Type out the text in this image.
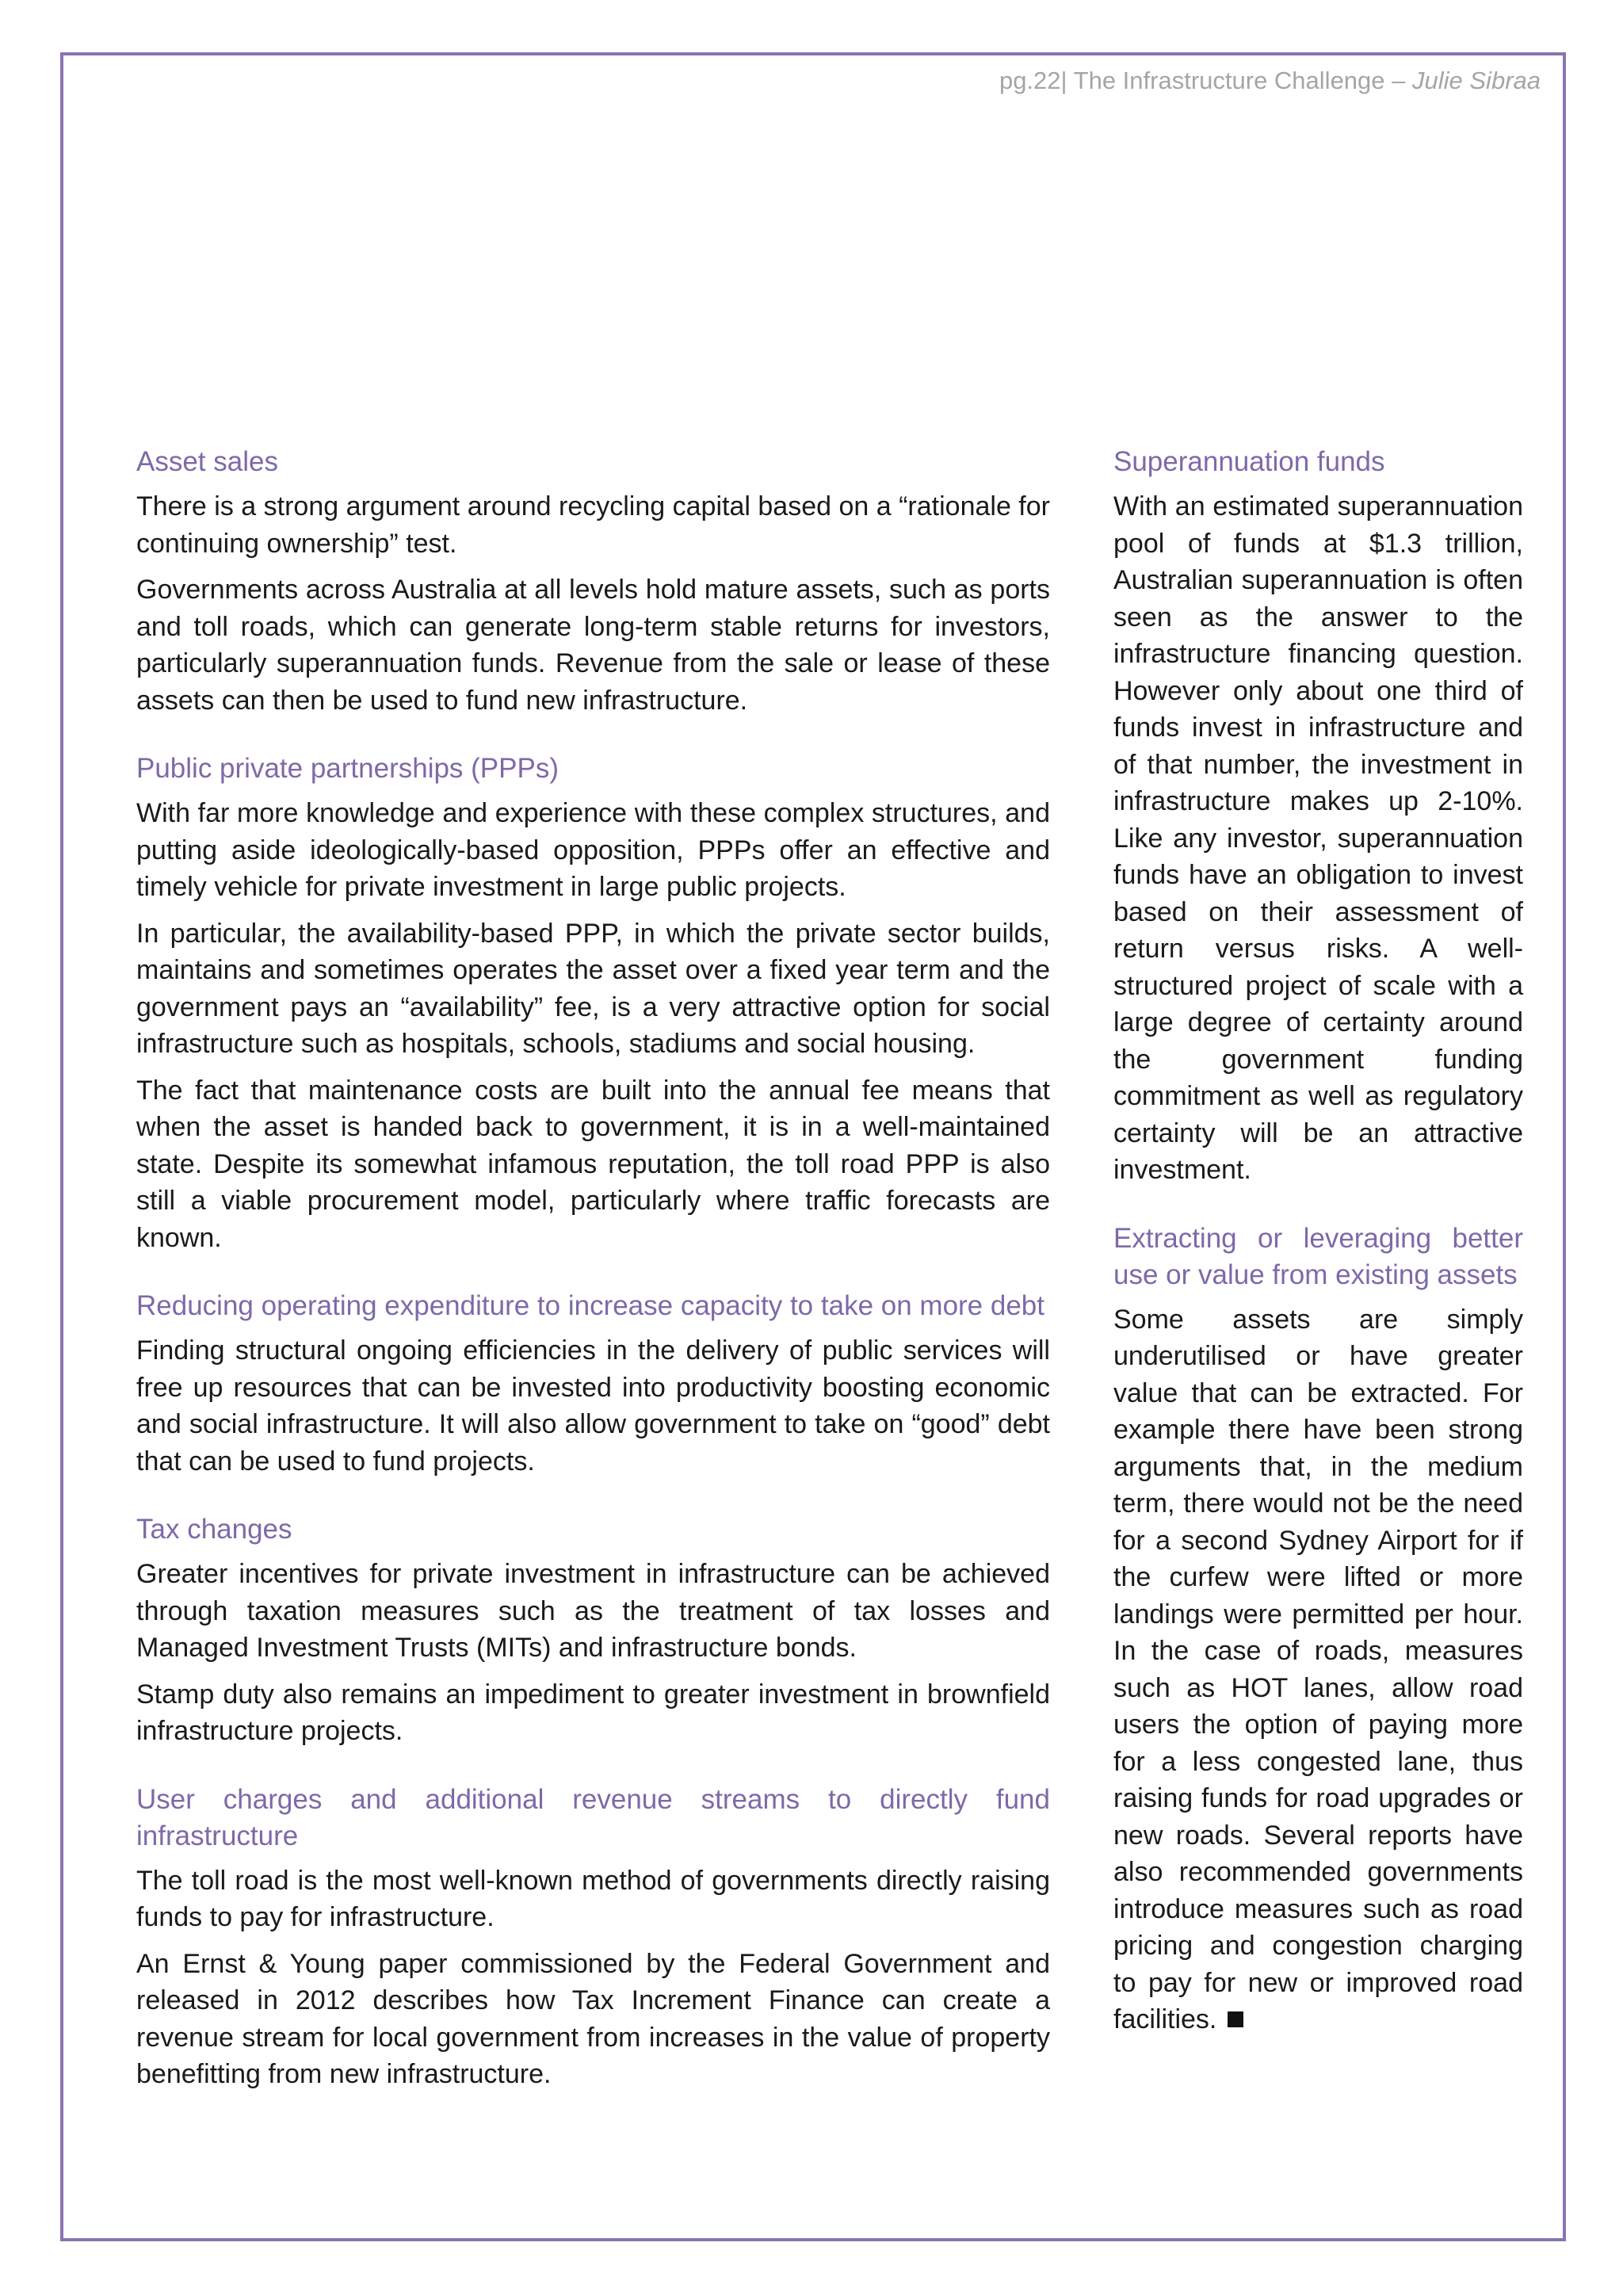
pg.22| The Infrastructure Challenge – Julie Sibraa
Asset sales

There is a strong argument around recycling capital based on a “rationale for continuing ownership” test.

Governments across Australia at all levels hold mature assets, such as ports and toll roads, which can generate long-term stable returns for investors, particularly superannuation funds. Revenue from the sale or lease of these assets can then be used to fund new infrastructure.

Public private partnerships (PPPs)

With far more knowledge and experience with these complex structures, and putting aside ideologically-based opposition, PPPs offer an effective and timely vehicle for private investment in large public projects.

In particular, the availability-based PPP, in which the private sector builds, maintains and sometimes operates the asset over a fixed year term and the government pays an “availability” fee, is a very attractive option for social infrastructure such as hospitals, schools, stadiums and social housing.

The fact that maintenance costs are built into the annual fee means that when the asset is handed back to government, it is in a well-maintained state. Despite its somewhat infamous reputation, the toll road PPP is also still a viable procurement model, particularly where traffic forecasts are known.

Reducing operating expenditure to increase capacity to take on more debt

Finding structural ongoing efficiencies in the delivery of public services will free up resources that can be invested into productivity boosting economic and social infrastructure. It will also allow government to take on “good” debt that can be used to fund projects.

Tax changes

Greater incentives for private investment in infrastructure can be achieved through taxation measures such as the treatment of tax losses and Managed Investment Trusts (MITs) and infrastructure bonds.

Stamp duty also remains an impediment to greater investment in brownfield infrastructure projects.

User charges and additional revenue streams to directly fund infrastructure

The toll road is the most well-known method of governments directly raising funds to pay for infrastructure.

An Ernst & Young paper commissioned by the Federal Government and released in 2012 describes how Tax Increment Finance can create a revenue stream for local government from increases in the value of property benefitting from new infrastructure.

Superannuation funds

With an estimated superannuation pool of funds at $1.3 trillion, Australian superannuation is often seen as the answer to the infrastructure financing question. However only about one third of funds invest in infrastructure and of that number, the investment in infrastructure makes up 2-10%. Like any investor, superannuation funds have an obligation to invest based on their assessment of return versus risks. A well-structured project of scale with a large degree of certainty around the government funding commitment as well as regulatory certainty will be an attractive investment.

Extracting or leveraging better use or value from existing assets

Some assets are simply underutilised or have greater value that can be extracted. For example there have been strong arguments that, in the medium term, there would not be the need for a second Sydney Airport for if the curfew were lifted or more landings were permitted per hour. In the case of roads, measures such as HOT lanes, allow road users the option of paying more for a less congested lane, thus raising funds for road upgrades or new roads. Several reports have also recommended governments introduce measures such as road pricing and congestion charging to pay for new or improved road facilities.
